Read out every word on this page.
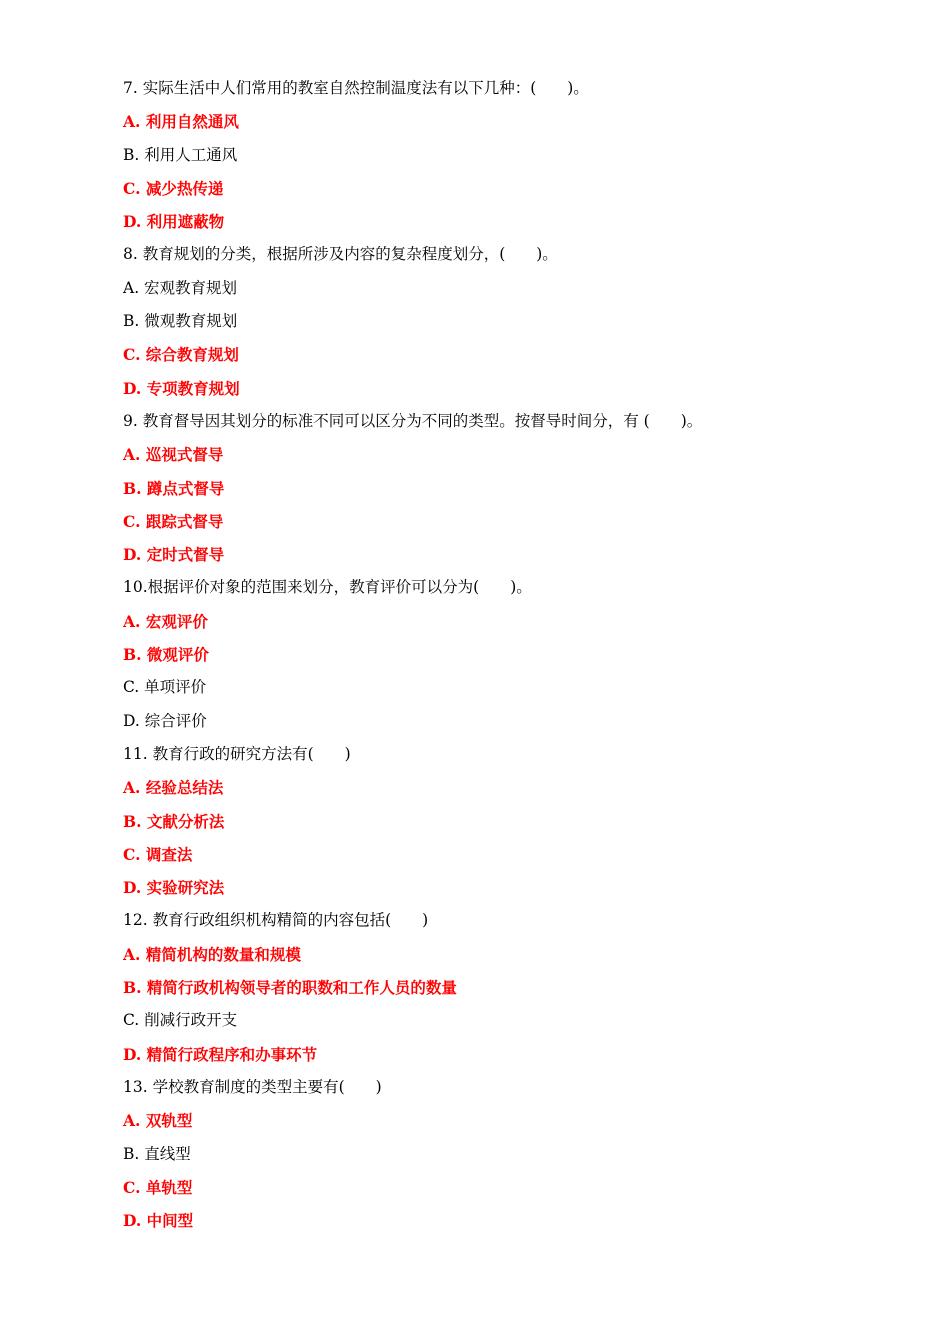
7. 实际生活中人们常用的教室自然控制温度法有以下几种：(　　)。
A. 利用自然通风
B. 利用人工通风
C. 减少热传递
D. 利用遮蔽物
8. 教育规划的分类，根据所涉及内容的复杂程度划分，(　　)。
A. 宏观教育规划
B. 微观教育规划
C. 综合教育规划
D. 专项教育规划
9. 教育督导因其划分的标准不同可以区分为不同的类型。按督导时间分，有 (　　)。
A. 巡视式督导
B. 蹲点式督导
C. 跟踪式督导
D. 定时式督导
10.根据评价对象的范围来划分，教育评价可以分为(　　)。
A. 宏观评价
B. 微观评价
C. 单项评价
D. 综合评价
11. 教育行政的研究方法有(　　)
A. 经验总结法
B. 文献分析法
C. 调查法
D. 实验研究法
12. 教育行政组织机构精简的内容包括(　　)
A. 精简机构的数量和规模
B. 精简行政机构领导者的职数和工作人员的数量
C. 削减行政开支
D. 精简行政程序和办事环节
13. 学校教育制度的类型主要有(　　)
A. 双轨型
B. 直线型
C. 单轨型
D. 中间型
